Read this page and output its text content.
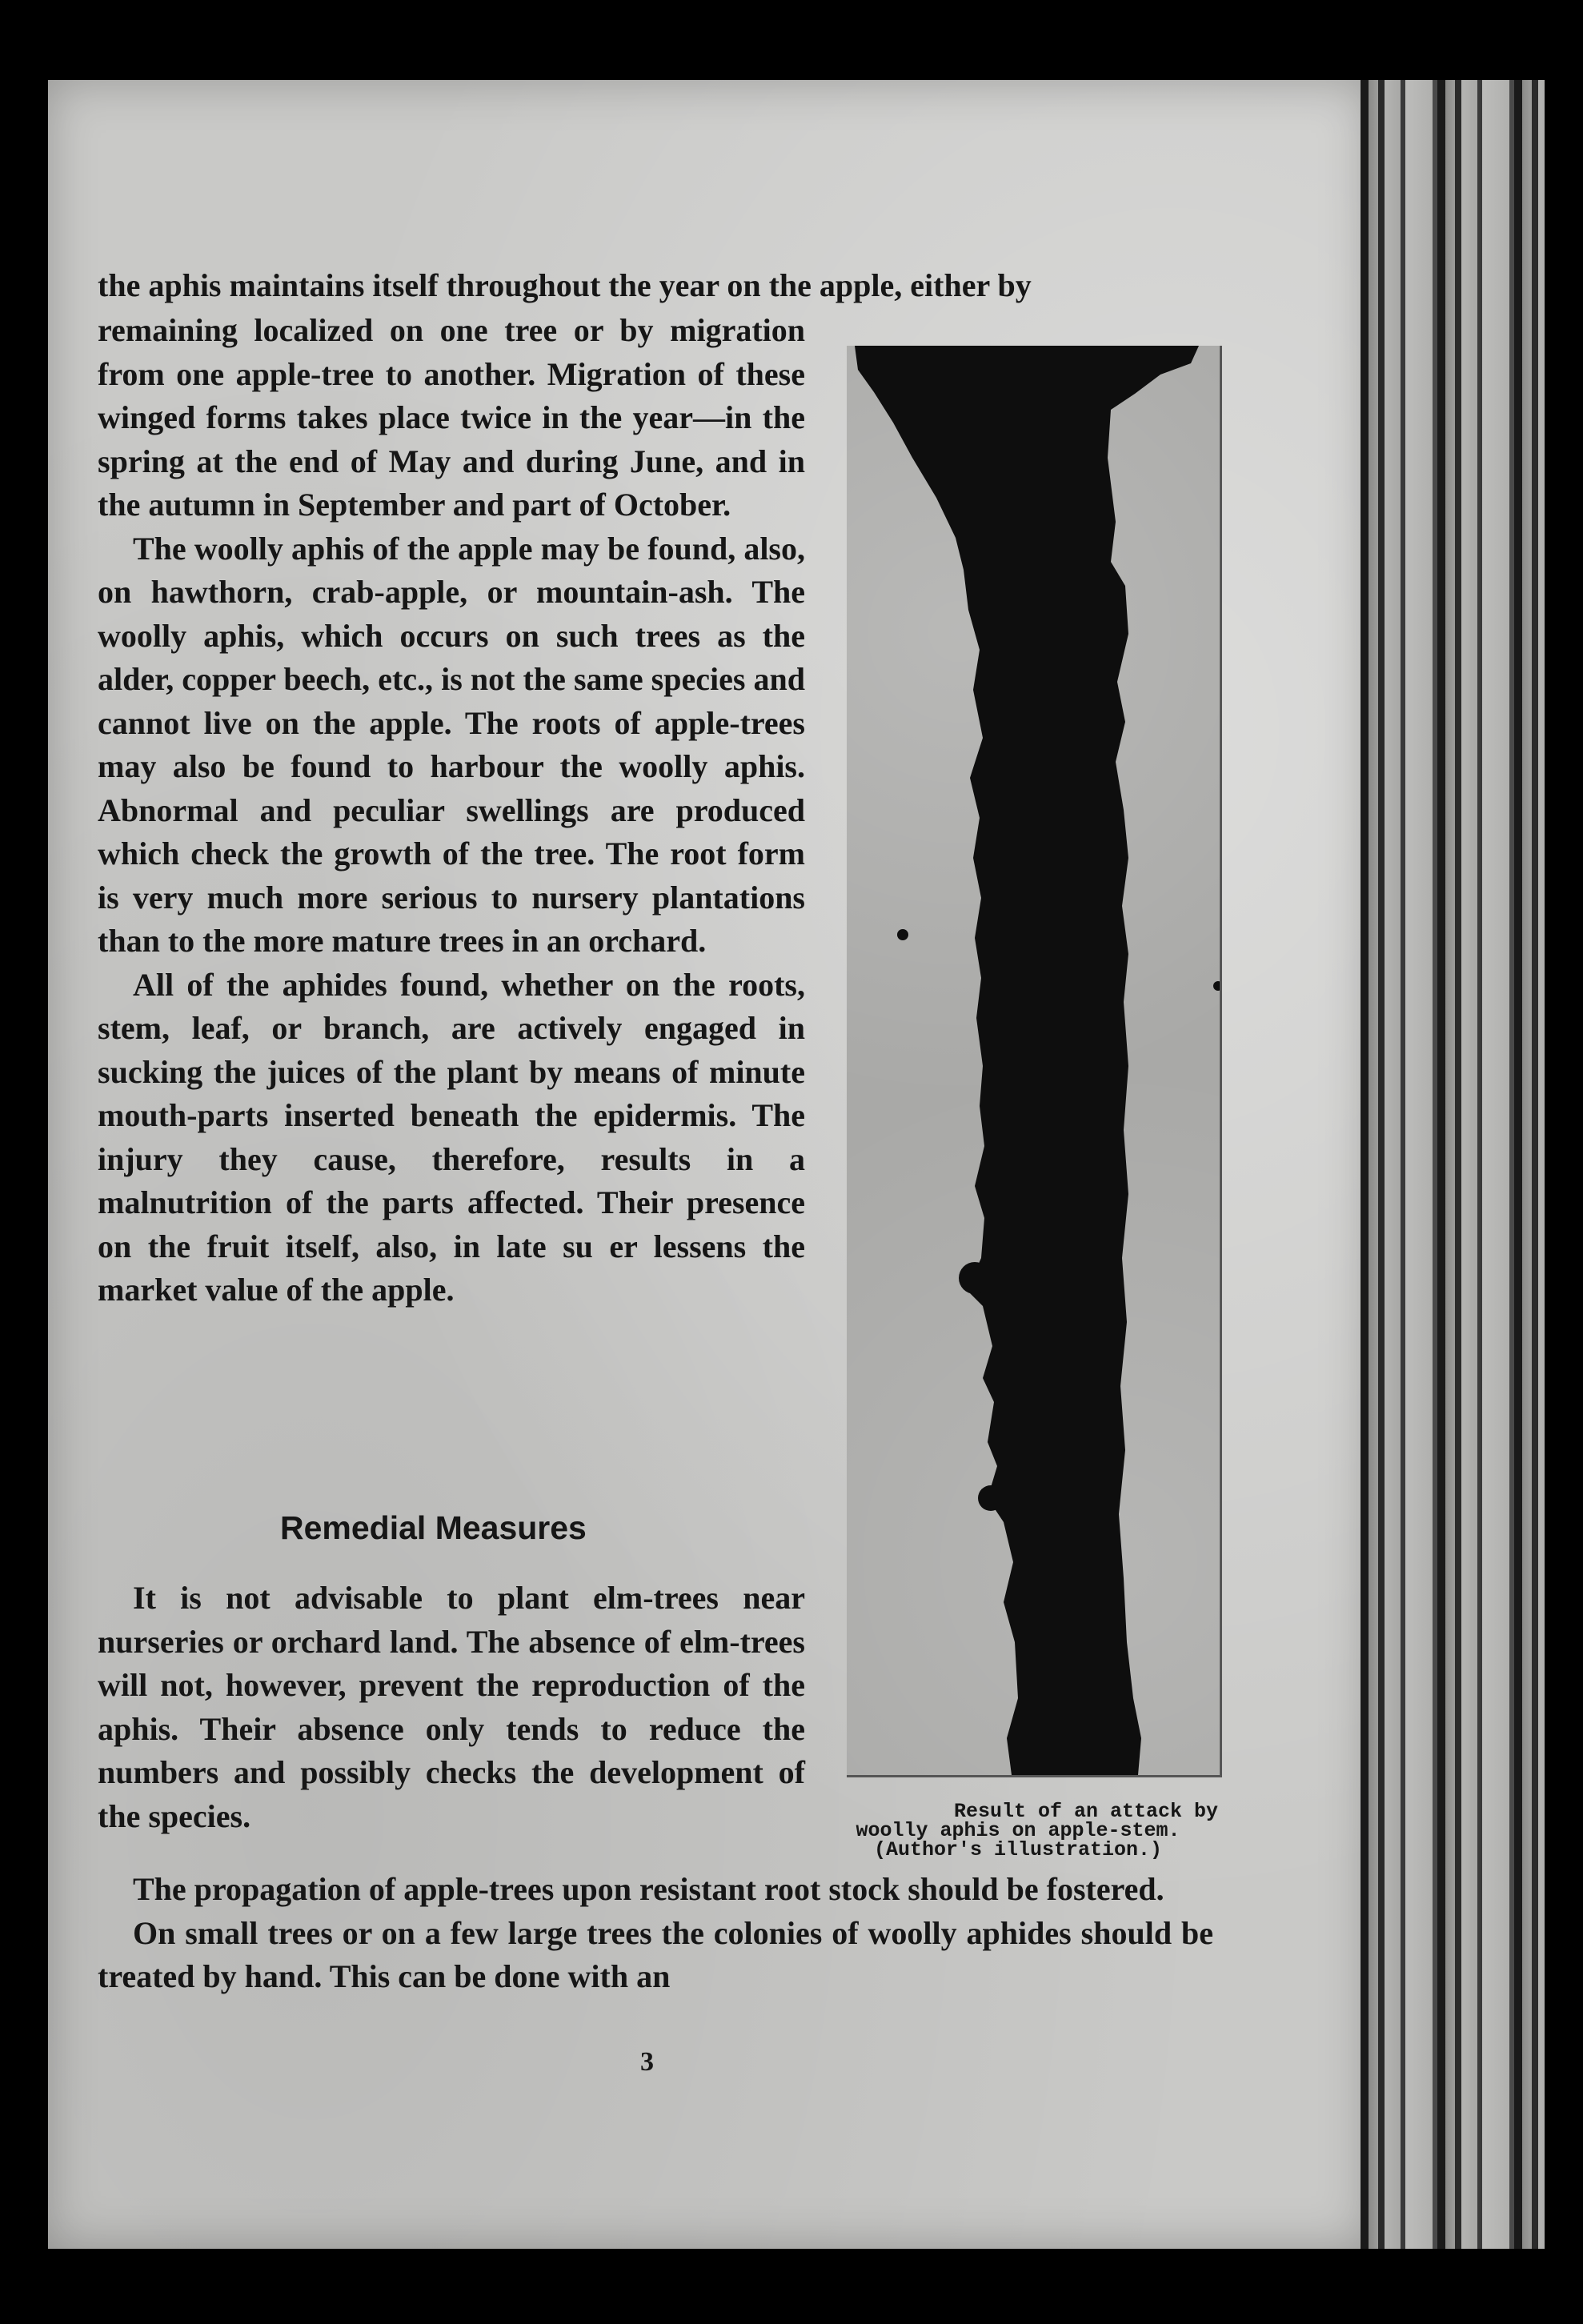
the aphis maintains itself throughout the year on the apple, either by

remaining localized on one tree or by migration from one apple-tree to another. Migration of these winged forms takes place twice in the year—in the spring at the end of May and during June, and in the autumn in September and part of October.

The woolly aphis of the apple may be found, also, on hawthorn, crab-apple, or mountain-ash. The woolly aphis, which occurs on such trees as the alder, copper beech, etc., is not the same species and cannot live on the apple. The roots of apple-trees may also be found to harbour the woolly aphis. Abnormal and peculiar swellings are produced which check the growth of the tree. The root form is very much more serious to nursery plantations than to the more mature trees in an orchard.

All of the aphides found, whether on the roots, stem, leaf, or branch, are actively engaged in sucking the juices of the plant by means of minute mouth-parts inserted beneath the epidermis. The injury they cause, therefore, results in a malnutrition of the parts affected. Their presence on the fruit itself, also, in late su er lessens the market value of the apple.

Remedial Measures

It is not advisable to plant elm-trees near nurseries or orchard land. The absence of elm-trees will not, however, prevent the reproduction of the aphis. Their absence only tends to reduce the numbers and possibly checks the development of the species.

The propagation of apple-trees upon resistant root stock should be fostered.

On small trees or on a few large trees the colonies of woolly aphides should be treated by hand. This can be done with an

3
Result of an attack by
woolly aphis on apple-stem.
(Author's illustration.)
